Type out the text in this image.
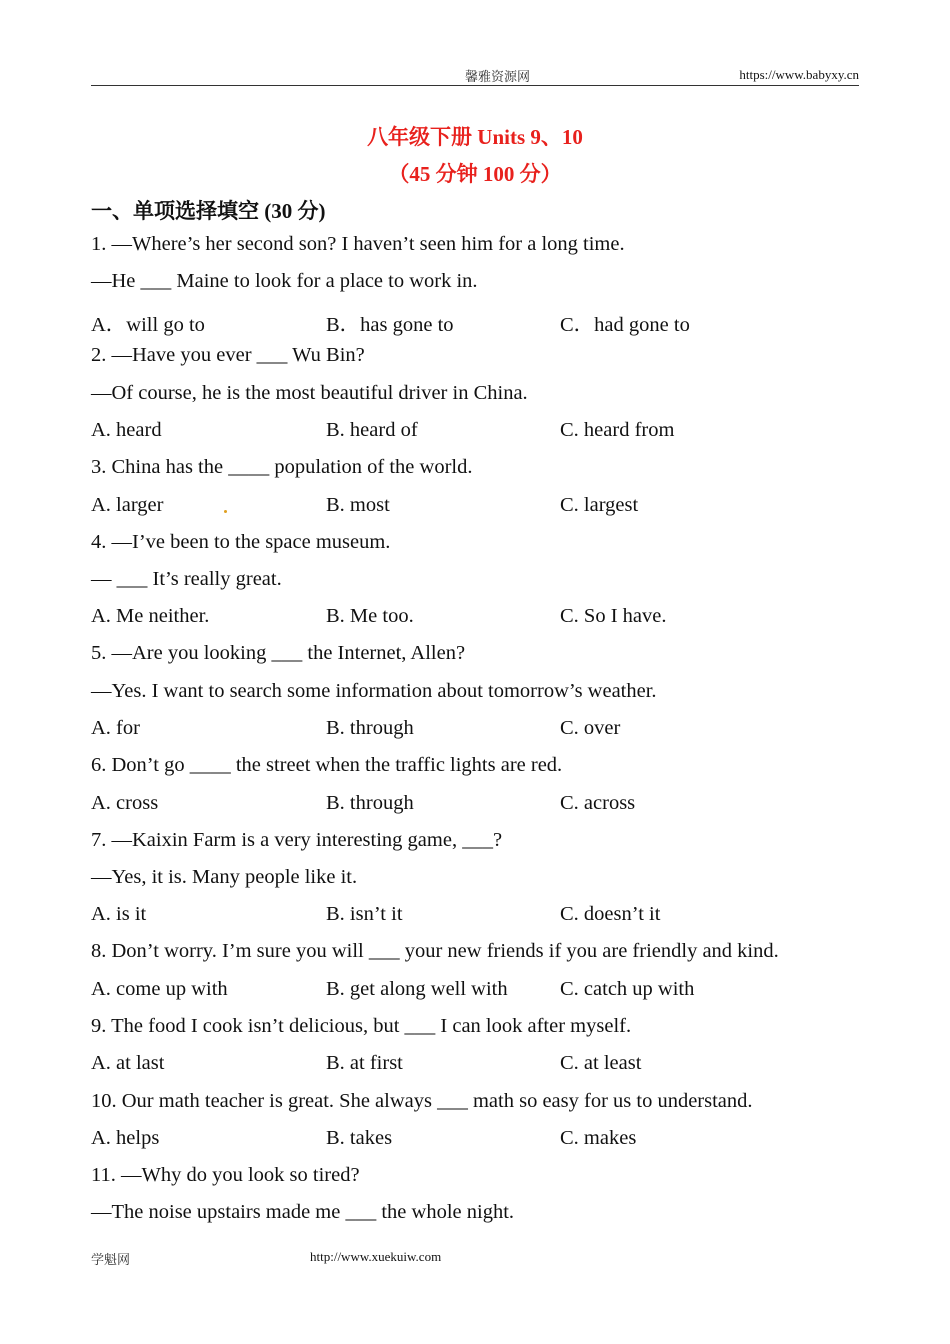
馨雅资源网	https://www.babyxy.cn
八年级下册 Units 9、10
（45 分钟 100 分）
一、单项选择填空 (30 分)
1. —Where’s her second son? I haven’t seen him for a long time.
—He ___ Maine to look for a place to work in.
A．will go to	B．has gone to	C．had gone to
2. —Have you ever ___ Wu Bin?
—Of course, he is the most beautiful driver in China.
A. heard	B. heard of	C. heard from
3. China has the ____ population of the world.
A. larger	B. most	C. largest
4. —I’ve been to the space museum.
— ___ It’s really great.
A. Me neither.	B. Me too.	C. So I have.
5. —Are you looking ___ the Internet, Allen?
—Yes. I want to search some information about tomorrow’s weather.
A. for	B. through	C. over
6. Don’t go ____ the street when the traffic lights are red.
A. cross	B. through	C. across
7. —Kaixin Farm is a very interesting game, ___?
—Yes, it is. Many people like it.
A. is it	B. isn’t it	C. doesn’t it
8. Don’t worry. I’m sure you will ___ your new friends if you are friendly and kind.
A. come up with	B. get along well with	C. catch up with
9. The food I cook isn’t delicious, but ___ I can look after myself.
A. at last	B. at first	C. at least
10. Our math teacher is great. She always ___ math so easy for us to understand.
A. helps	B. takes	C. makes
11. —Why do you look so tired?
—The noise upstairs made me ___ the whole night.
学魁网	http://www.xuekuiw.com
